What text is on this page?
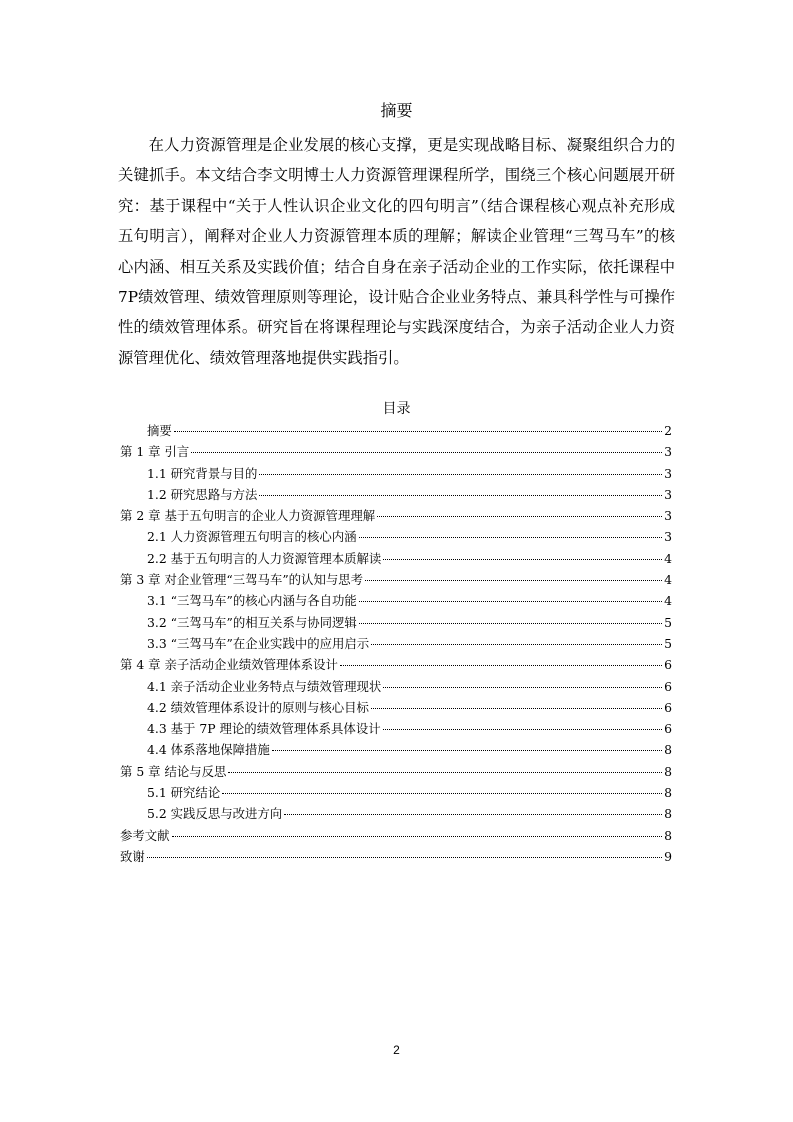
摘要

在人力资源管理是企业发展的核心支撑，更是实现战略目标、凝聚组织合力的关键抓手。本文结合李文明博士人力资源管理课程所学，围绕三个核心问题展开研究：基于课程中“关于人性认识企业文化的四句明言”（结合课程核心观点补充形成五句明言），阐释对企业人力资源管理本质的理解；解读企业管理“三驾马车”的核心内涵、相互关系及实践价值；结合自身在亲子活动企业的工作实际，依托课程中7P绩效管理、绩效管理原则等理论，设计贴合企业业务特点、兼具科学性与可操作性的绩效管理体系。研究旨在将课程理论与实践深度结合，为亲子活动企业人力资源管理优化、绩效管理落地提供实践指引。

目录
摘要	2
第 1 章 引言	3
1.1 研究背景与目的	3
1.2 研究思路与方法	3
第 2 章 基于五句明言的企业人力资源管理理解	3
2.1 人力资源管理五句明言的核心内涵	3
2.2 基于五句明言的人力资源管理本质解读	4
第 3 章 对企业管理“三驾马车”的认知与思考	4
3.1 “三驾马车”的核心内涵与各自功能	4
3.2 “三驾马车”的相互关系与协同逻辑	5
3.3 “三驾马车”在企业实践中的应用启示	5
第 4 章 亲子活动企业绩效管理体系设计	6
4.1 亲子活动企业业务特点与绩效管理现状	6
4.2 绩效管理体系设计的原则与核心目标	6
4.3 基于 7P 理论的绩效管理体系具体设计	6
4.4 体系落地保障措施	8
第 5 章 结论与反思	8
5.1 研究结论	8
5.2 实践反思与改进方向	8
参考文献	8
致谢	9
2
